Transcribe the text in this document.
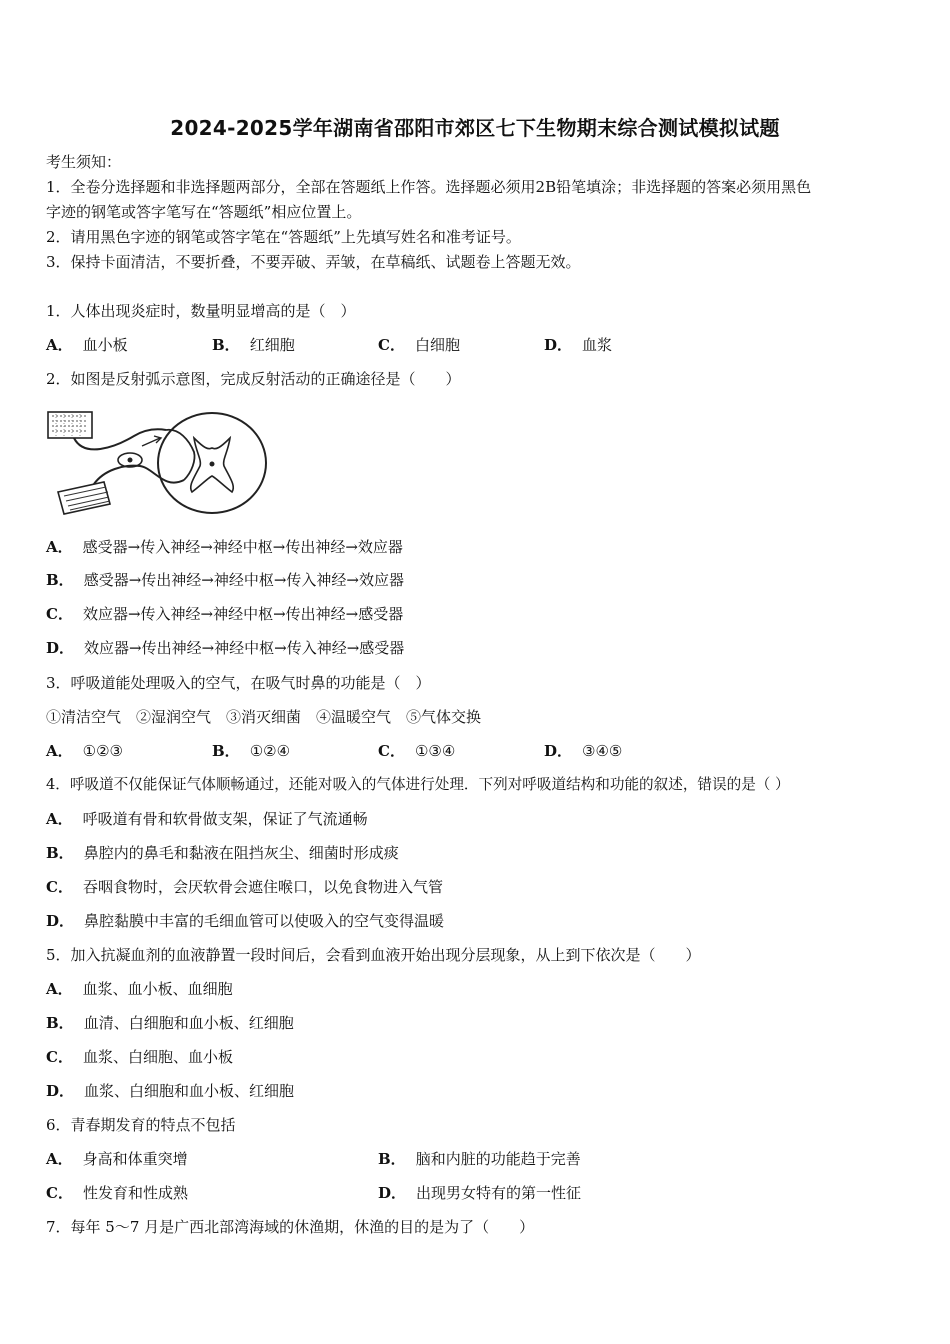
2024-2025学年湖南省邵阳市郊区七下生物期末综合测试模拟试题
考生须知：
1．全卷分选择题和非选择题两部分，全部在答题纸上作答。选择题必须用2B铅笔填涂；非选择题的答案必须用黑色
字迹的钢笔或答字笔写在“答题纸”相应位置上。
2．请用黑色字迹的钢笔或答字笔在“答题纸”上先填写姓名和准考证号。
3．保持卡面清洁，不要折叠，不要弄破、弄皱，在草稿纸、试题卷上答题无效。
1．人体出现炎症时，数量明显增高的是（　）
A． 血小板	B． 红细胞	C． 白细胞	D． 血浆
2．如图是反射弧示意图，完成反射活动的正确途径是（　　）
A． 感受器→传入神经→神经中枢→传出神经→效应器
B． 感受器→传出神经→神经中枢→传入神经→效应器
C． 效应器→传入神经→神经中枢→传出神经→感受器
D． 效应器→传出神经→神经中枢→传入神经→感受器
3．呼吸道能处理吸入的空气，在吸气时鼻的功能是（　）
①清洁空气　②湿润空气　③消灭细菌　④温暖空气　⑤气体交换
A． ①②③	B． ①②④	C． ①③④	D． ③④⑤
4．呼吸道不仅能保证气体顺畅通过，还能对吸入的气体进行处理．下列对呼吸道结构和功能的叙述，错误的是（ ）
A． 呼吸道有骨和软骨做支架，保证了气流通畅
B． 鼻腔内的鼻毛和黏液在阻挡灰尘、细菌时形成痰
C． 吞咽食物时，会厌软骨会遮住喉口，以免食物进入气管
D． 鼻腔黏膜中丰富的毛细血管可以使吸入的空气变得温暖
5．加入抗凝血剂的血液静置一段时间后，会看到血液开始出现分层现象，从上到下依次是（　　）
A． 血浆、血小板、血细胞
B． 血清、白细胞和血小板、红细胞
C． 血浆、白细胞、血小板
D． 血浆、白细胞和血小板、红细胞
6．青春期发育的特点不包括
A． 身高和体重突增	B． 脑和内脏的功能趋于完善
C． 性发育和性成熟	D． 出现男女特有的第一性征
7．每年 5～7 月是广西北部湾海域的休渔期，休渔的目的是为了（　　）
